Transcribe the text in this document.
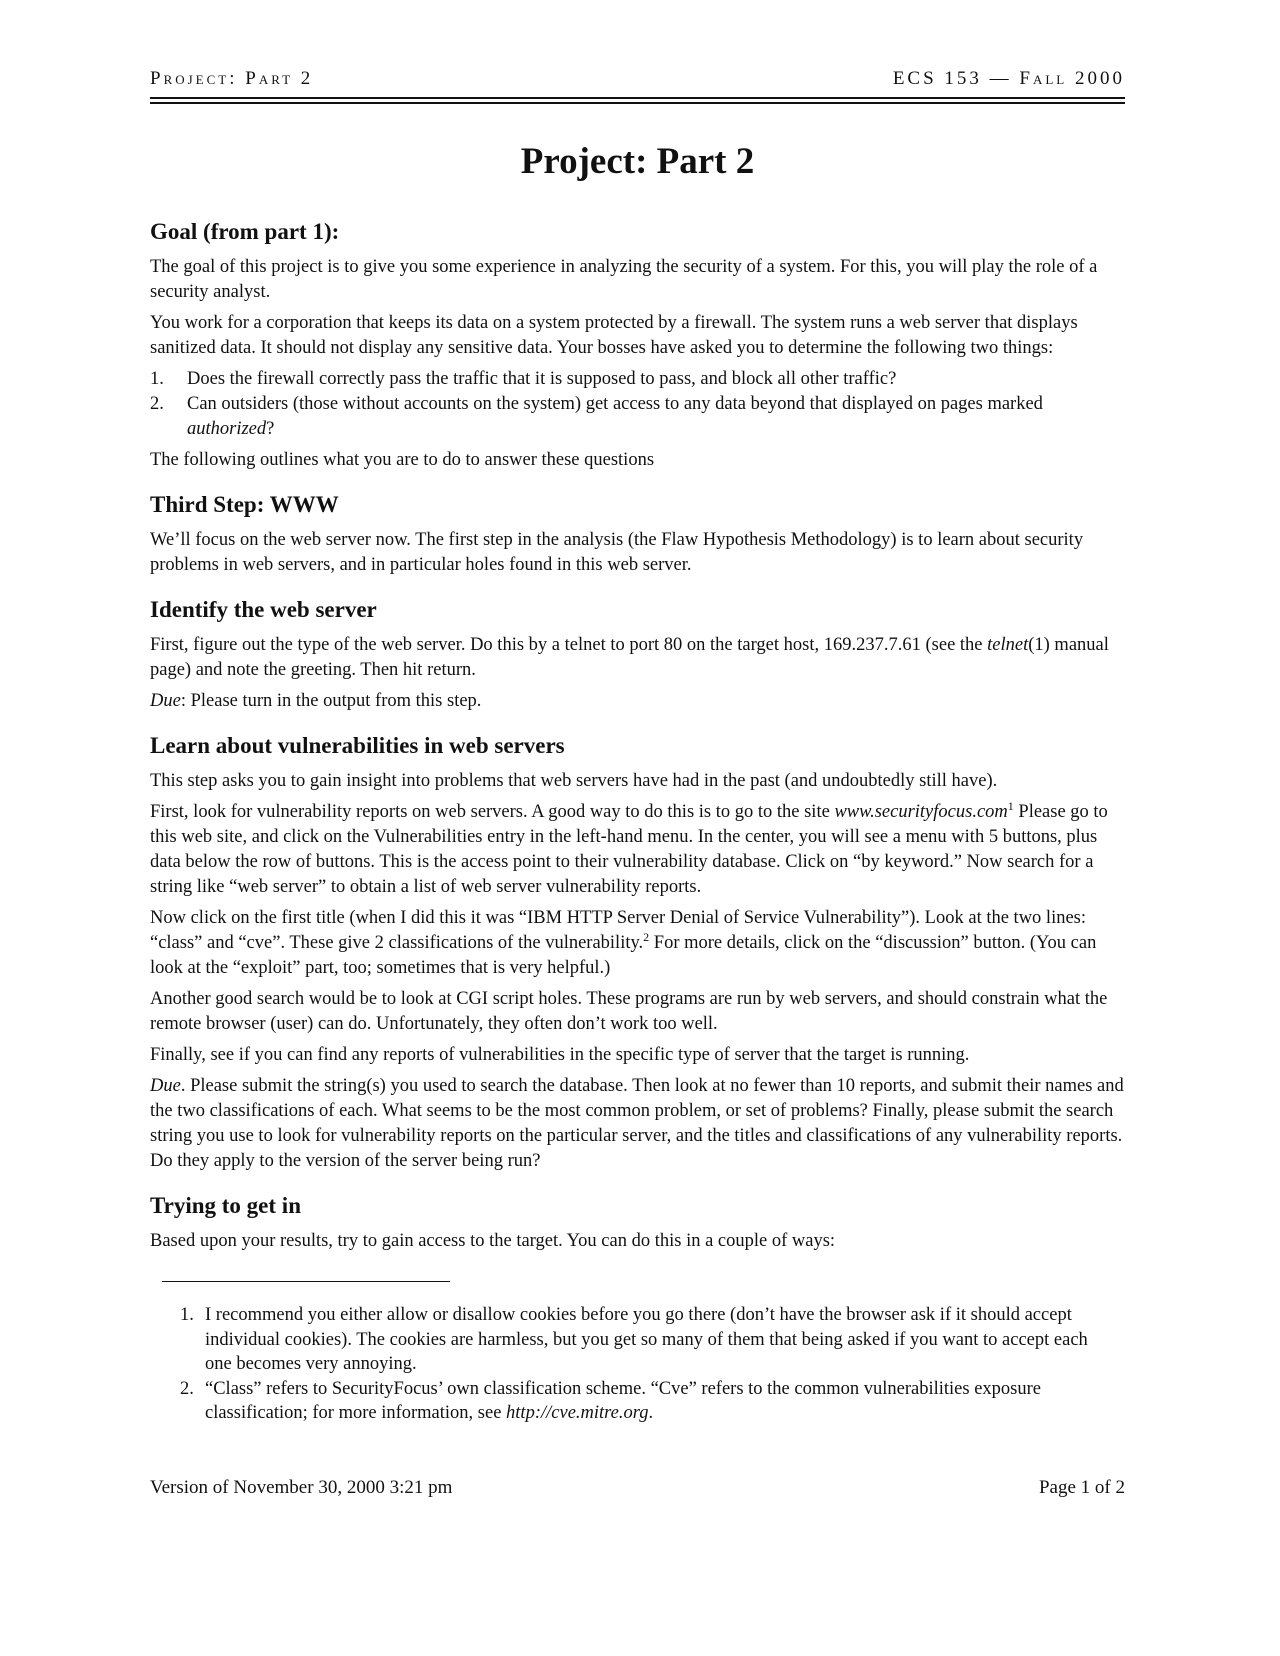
Project: Part 2	ECS 153 — Fall 2000
Project: Part 2
Goal (from part 1):

The goal of this project is to give you some experience in analyzing the security of a system. For this, you will play the role of a security analyst.

You work for a corporation that keeps its data on a system protected by a firewall. The system runs a web server that displays sanitized data. It should not display any sensitive data. Your bosses have asked you to determine the following two things:

1. Does the firewall correctly pass the traffic that it is supposed to pass, and block all other traffic?
2. Can outsiders (those without accounts on the system) get access to any data beyond that displayed on pages marked authorized?

The following outlines what you are to do to answer these questions

Third Step: WWW

We’ll focus on the web server now. The first step in the analysis (the Flaw Hypothesis Methodology) is to learn about security problems in web servers, and in particular holes found in this web server.

Identify the web server

First, figure out the type of the web server. Do this by a telnet to port 80 on the target host, 169.237.7.61 (see the telnet(1) manual page) and note the greeting. Then hit return.

Due: Please turn in the output from this step.

Learn about vulnerabilities in web servers

This step asks you to gain insight into problems that web servers have had in the past (and undoubtedly still have).

First, look for vulnerability reports on web servers. A good way to do this is to go to the site www.securityfocus.com$^1$ Please go to this web site, and click on the Vulnerabilities entry in the left-hand menu. In the center, you will see a menu with 5 buttons, plus data below the row of buttons. This is the access point to their vulnerability database. Click on “by keyword.” Now search for a string like “web server” to obtain a list of web server vulnerability reports.

Now click on the first title (when I did this it was “IBM HTTP Server Denial of Service Vulnerability”). Look at the two lines: “class” and “cve”. These give 2 classifications of the vulnerability.$^2$ For more details, click on the “discussion” button. (You can look at the “exploit” part, too; sometimes that is very helpful.)

Another good search would be to look at CGI script holes. These programs are run by web servers, and should constrain what the remote browser (user) can do. Unfortunately, they often don’t work too well.

Finally, see if you can find any reports of vulnerabilities in the specific type of server that the target is running.

Due. Please submit the string(s) you used to search the database. Then look at no fewer than 10 reports, and submit their names and the two classifications of each. What seems to be the most common problem, or set of problems? Finally, please submit the search string you use to look for vulnerability reports on the particular server, and the titles and classifications of any vulnerability reports. Do they apply to the version of the server being run?

Trying to get in

Based upon your results, try to gain access to the target. You can do this in a couple of ways:

1. I recommend you either allow or disallow cookies before you go there (don’t have the browser ask if it should accept individual cookies). The cookies are harmless, but you get so many of them that being asked if you want to accept each one becomes very annoying.

2. “Class” refers to SecurityFocus’ own classification scheme. “Cve” refers to the common vulnerabilities exposure classification; for more information, see http://cve.mitre.org.

Version of November 30, 2000 3:21 pm	Page 1 of 2
